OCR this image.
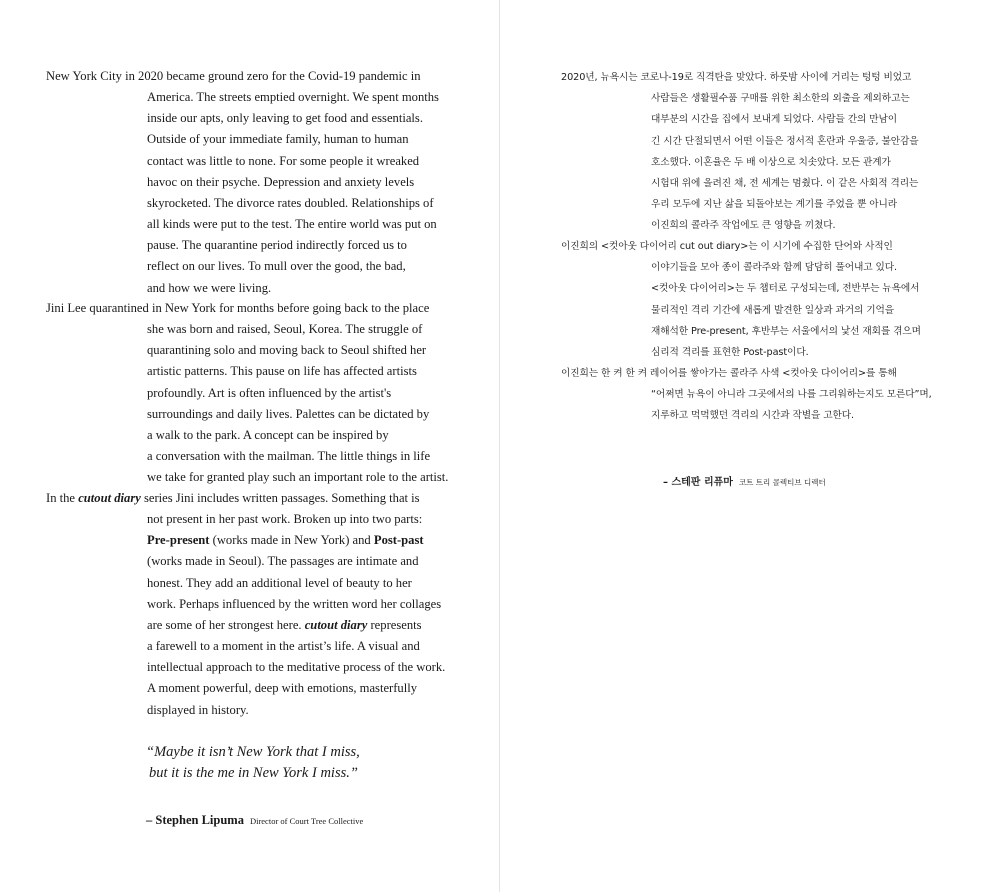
New York City in 2020 became ground zero for the Covid-19 pandemic in
America. The streets emptied overnight. We spent months
inside our apts, only leaving to get food and essentials.
Outside of your immediate family, human to human
contact was little to none. For some people it wreaked
havoc on their psyche. Depression and anxiety levels
skyrocketed. The divorce rates doubled. Relationships of
all kinds were put to the test. The entire world was put on
pause. The quarantine period indirectly forced us to
reflect on our lives. To mull over the good, the bad,
and how we were living.
Jini Lee quarantined in New York for months before going back to the place
she was born and raised, Seoul, Korea. The struggle of
quarantining solo and moving back to Seoul shifted her
artistic patterns. This pause on life has affected artists
profoundly. Art is often influenced by the artist's
surroundings and daily lives. Palettes can be dictated by
a walk to the park. A concept can be inspired by
a conversation with the mailman. The little things in life
we take for granted play such an important role to the artist.
In the cutout diary series Jini includes written passages. Something that is
not present in her past work. Broken up into two parts:
Pre-present (works made in New York) and Post-past
(works made in Seoul). The passages are intimate and
honest. They add an additional level of beauty to her
work. Perhaps influenced by the written word her collages
are some of her strongest here. cutout diary represents
a farewell to a moment in the artist’s life. A visual and
intellectual approach to the meditative process of the work.
A moment powerful, deep with emotions, masterfully
displayed in history.
“Maybe it isn’t New York that I miss,
but it is the me in New York I miss.”
– Stephen Lipuma Director of Court Tree Collective
2020년, 뉴욕시는 코로나-19로 직격탄을 맞았다. 하룻밤 사이에 거리는 텅텅 비었고
사람들은 생활필수품 구매를 위한 최소한의 외출을 제외하고는
대부분의 시간을 집에서 보내게 되었다. 사람들 간의 만남이
긴 시간 단절되면서 어떤 이들은 정서적 혼란과 우울증, 불안감을
호소했다. 이혼율은 두 배 이상으로 치솟았다. 모든 관계가
시험대 위에 올려진 채, 전 세계는 멈췄다. 이 같은 사회적 격리는
우리 모두에 지난 삶을 되돌아보는 계기를 주었을 뿐 아니라
이진희의 콜라주 작업에도 큰 영향을 끼쳤다.
이진희의 <컷아웃 다이어리 cut out diary>는 이 시기에 수집한 단어와 사적인
이야기들을 모아 종이 콜라주와 함께 담담히 풀어내고 있다.
<컷아웃 다이어리>는 두 챕터로 구성되는데, 전반부는 뉴욕에서
물리적인 격리 기간에 새롭게 발견한 일상과 과거의 기억을
재해석한 Pre-present, 후반부는 서울에서의 낯선 재회를 겪으며
심리적 격리를 표현한 Post-past이다.
이진희는 한 켜 한 켜 레이어를 쌓아가는 콜라주 사색 <컷아웃 다이어리>를 통해
“어쩌면 뉴욕이 아니라 그곳에서의 나를 그리워하는지도 모른다”며,
지루하고 먹먹했던 격리의 시간과 작별을 고한다.
– 스테판 리퓨마 코트 트리 콜렉티브 디렉터
